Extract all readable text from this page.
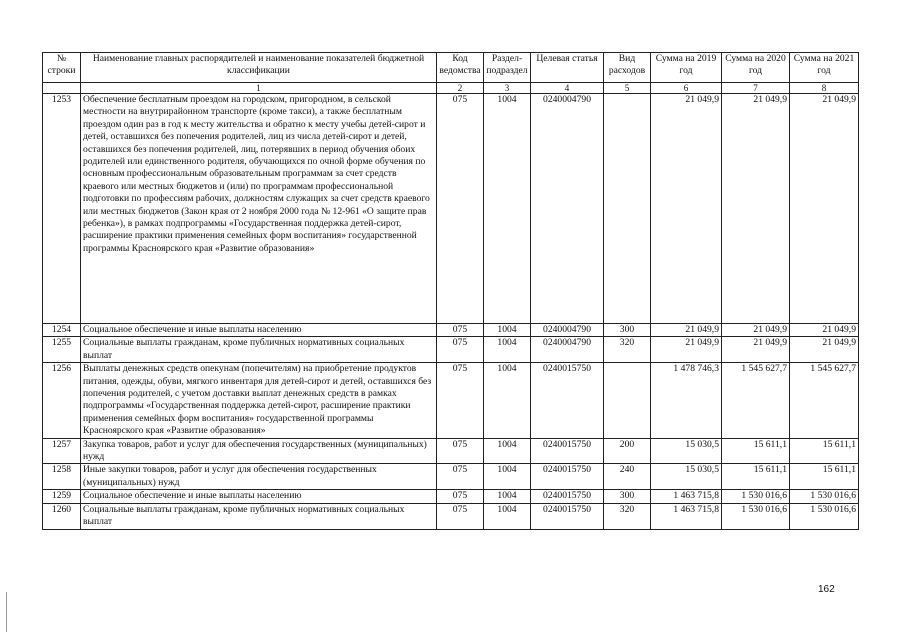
№ строки	Наименование главных распорядителей и наименование показателей бюджетной классификации	Код ведомства	Раздел-подраздел	Целевая статья	Вид расходов	Сумма на 2019 год	Сумма на 2020 год	Сумма на 2021 год
	1	2	3	4	5	6	7	8
1253	Обеспечение бесплатным проездом на городском, пригородном, в сельской местности на внутрирайонном транспорте (кроме такси), а также бесплатным проездом один раз в год к месту жительства и обратно к месту учебы детей-сирот и детей, оставшихся без попечения родителей, лиц из числа детей-сирот и детей, оставшихся без попечения родителей, лиц, потерявших в период обучения обоих родителей или единственного родителя, обучающихся по очной форме обучения по основным профессиональным образовательным программам за счет средств краевого или местных бюджетов и (или) по программам профессиональной подготовки по профессиям рабочих, должностям служащих за счет средств краевого или местных бюджетов (Закон края от 2 ноября 2000 года № 12-961 «О защите прав ребенка»), в рамках подпрограммы «Государственная поддержка детей-сирот, расширение практики применения семейных форм воспитания» государственной программы Красноярского края «Развитие образования»	075	1004	0240004790		21 049,9	21 049,9	21 049,9
1254	Социальное обеспечение и иные выплаты населению	075	1004	0240004790	300	21 049,9	21 049,9	21 049,9
1255	Социальные выплаты гражданам, кроме публичных нормативных социальных выплат	075	1004	0240004790	320	21 049,9	21 049,9	21 049,9
1256	Выплаты денежных средств опекунам (попечителям) на приобретение продуктов питания, одежды, обуви, мягкого инвентаря для детей-сирот и детей, оставшихся без попечения родителей, с учетом доставки выплат денежных средств в рамках подпрограммы «Государственная поддержка детей-сирот, расширение практики применения семейных форм воспитания» государственной программы Красноярского края «Развитие образования»	075	1004	0240015750		1 478 746,3	1 545 627,7	1 545 627,7
1257	Закупка товаров, работ и услуг для обеспечения государственных (муниципальных) нужд	075	1004	0240015750	200	15 030,5	15 611,1	15 611,1
1258	Иные закупки товаров, работ и услуг для обеспечения государственных (муниципальных) нужд	075	1004	0240015750	240	15 030,5	15 611,1	15 611,1
1259	Социальное обеспечение и иные выплаты населению	075	1004	0240015750	300	1 463 715,8	1 530 016,6	1 530 016,6
1260	Социальные выплаты гражданам, кроме публичных нормативных социальных выплат	075	1004	0240015750	320	1 463 715,8	1 530 016,6	1 530 016,6
162
